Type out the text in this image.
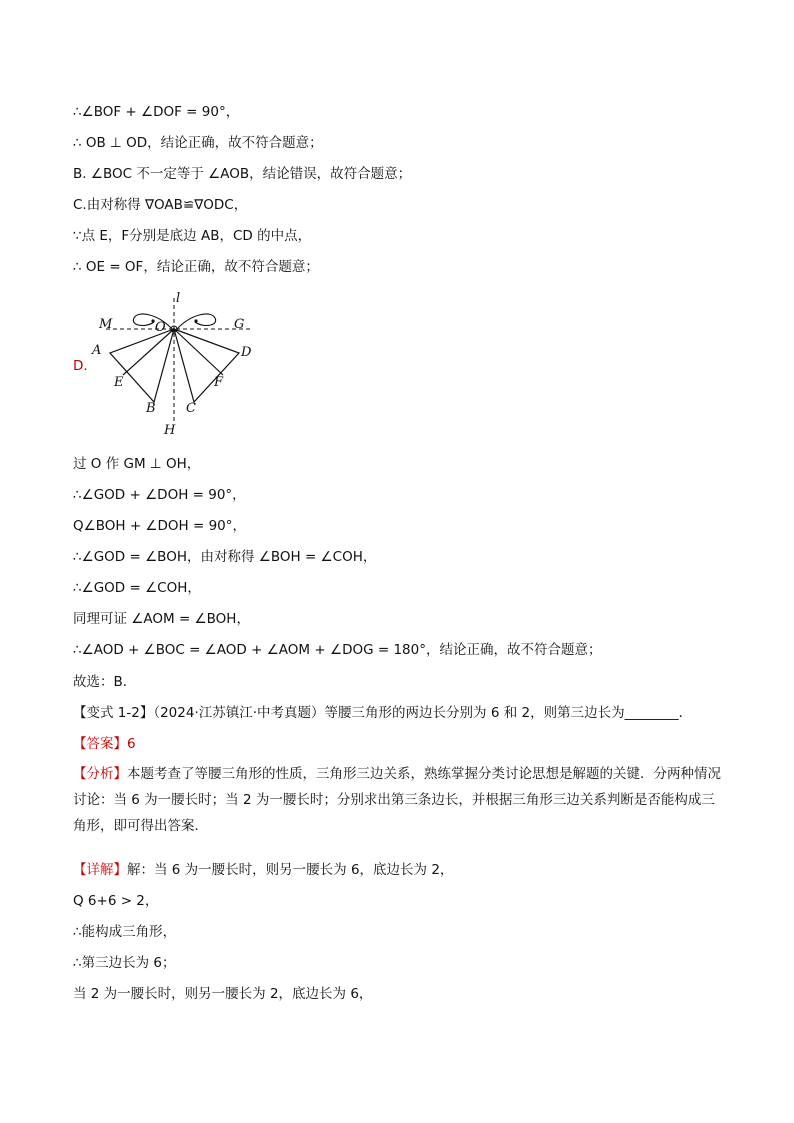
∴∠BOF + ∠DOF = 90°，
∴ OB ⊥ OD，结论正确，故不符合题意；
B. ∠BOC 不一定等于 ∠AOB，结论错误，故符合题意；
C.由对称得 ∇OAB≌∇ODC，
∵点 E，F分别是底边 AB，CD 的中点，
∴ OE = OF，结论正确，故不符合题意；
D.
l
M	O	G
A	D
E	F
B C
H
过 O 作 GM ⊥ OH，
∴∠GOD + ∠DOH = 90°，
Q∠BOH + ∠DOH = 90°，
∴∠GOD = ∠BOH，由对称得 ∠BOH = ∠COH，
∴∠GOD = ∠COH，
同理可证 ∠AOM = ∠BOH，
∴∠AOD + ∠BOC = ∠AOD + ∠AOM + ∠DOG = 180°，结论正确，故不符合题意；
故选：B．
【变式 1-2】（2024·江苏镇江·中考真题）等腰三角形的两边长分别为 6 和 2，则第三边长为________．
【答案】6
【分析】本题考查了等腰三角形的性质，三角形三边关系，熟练掌握分类讨论思想是解题的关键．分两种情况讨论：当 6 为一腰长时；当 2 为一腰长时；分别求出第三条边长，并根据三角形三边关系判断是否能构成三角形，即可得出答案．
【详解】解：当 6 为一腰长时，则另一腰长为 6，底边长为 2，
Q 6+6 > 2，
∴能构成三角形，
∴第三边长为 6；
当 2 为一腰长时，则另一腰长为 2，底边长为 6，
